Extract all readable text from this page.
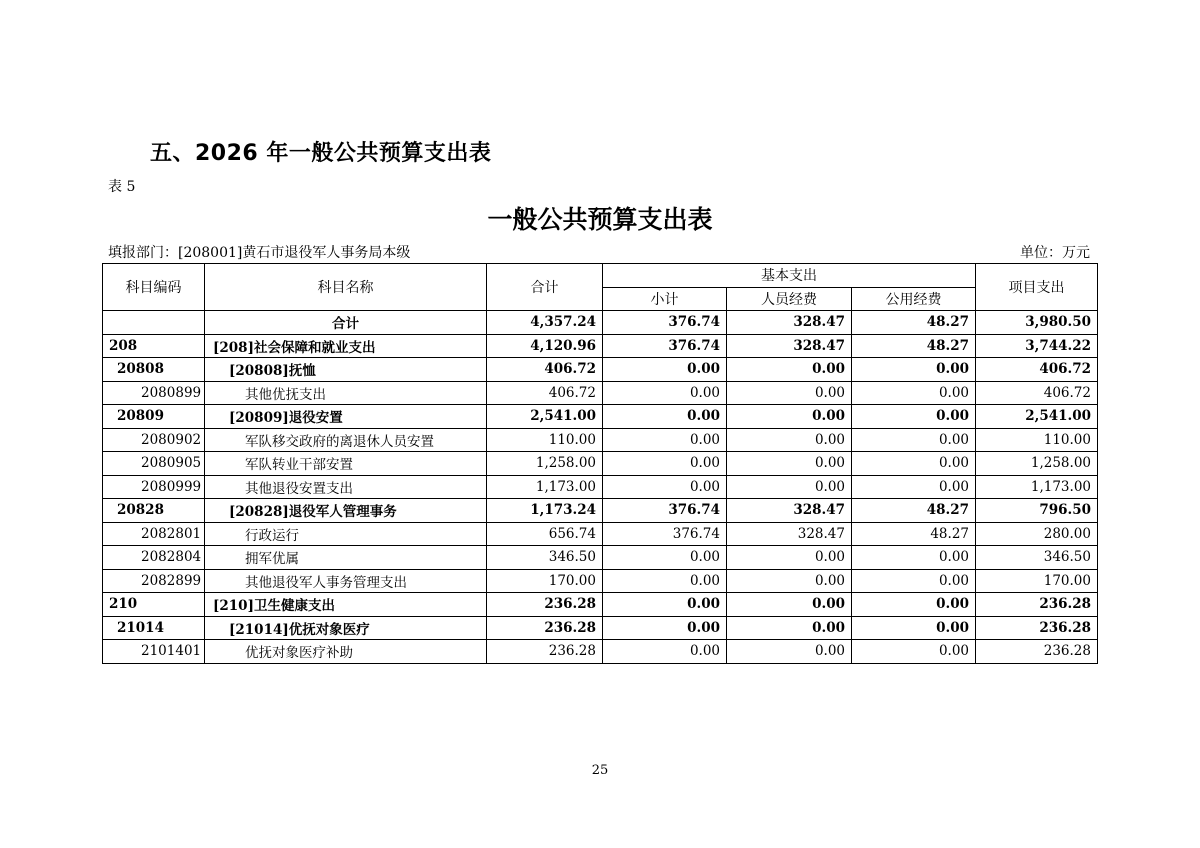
五、2026 年一般公共预算支出表
表 5
一般公共预算支出表
填报部门：[208001]黄石市退役军人事务局本级	单位：万元
科目编码	科目名称	合计	基本支出			项目支出
			小计	人员经费	公用经费	
	合计	4,357.24	376.74	328.47	48.27	3,980.50
208	[208]社会保障和就业支出	4,120.96	376.74	328.47	48.27	3,744.22
20808	[20808]抚恤	406.72	0.00	0.00	0.00	406.72
2080899	其他优抚支出	406.72	0.00	0.00	0.00	406.72
20809	[20809]退役安置	2,541.00	0.00	0.00	0.00	2,541.00
2080902	军队移交政府的离退休人员安置	110.00	0.00	0.00	0.00	110.00
2080905	军队转业干部安置	1,258.00	0.00	0.00	0.00	1,258.00
2080999	其他退役安置支出	1,173.00	0.00	0.00	0.00	1,173.00
20828	[20828]退役军人管理事务	1,173.24	376.74	328.47	48.27	796.50
2082801	行政运行	656.74	376.74	328.47	48.27	280.00
2082804	拥军优属	346.50	0.00	0.00	0.00	346.50
2082899	其他退役军人事务管理支出	170.00	0.00	0.00	0.00	170.00
210	[210]卫生健康支出	236.28	0.00	0.00	0.00	236.28
21014	[21014]优抚对象医疗	236.28	0.00	0.00	0.00	236.28
2101401	优抚对象医疗补助	236.28	0.00	0.00	0.00	236.28
25
